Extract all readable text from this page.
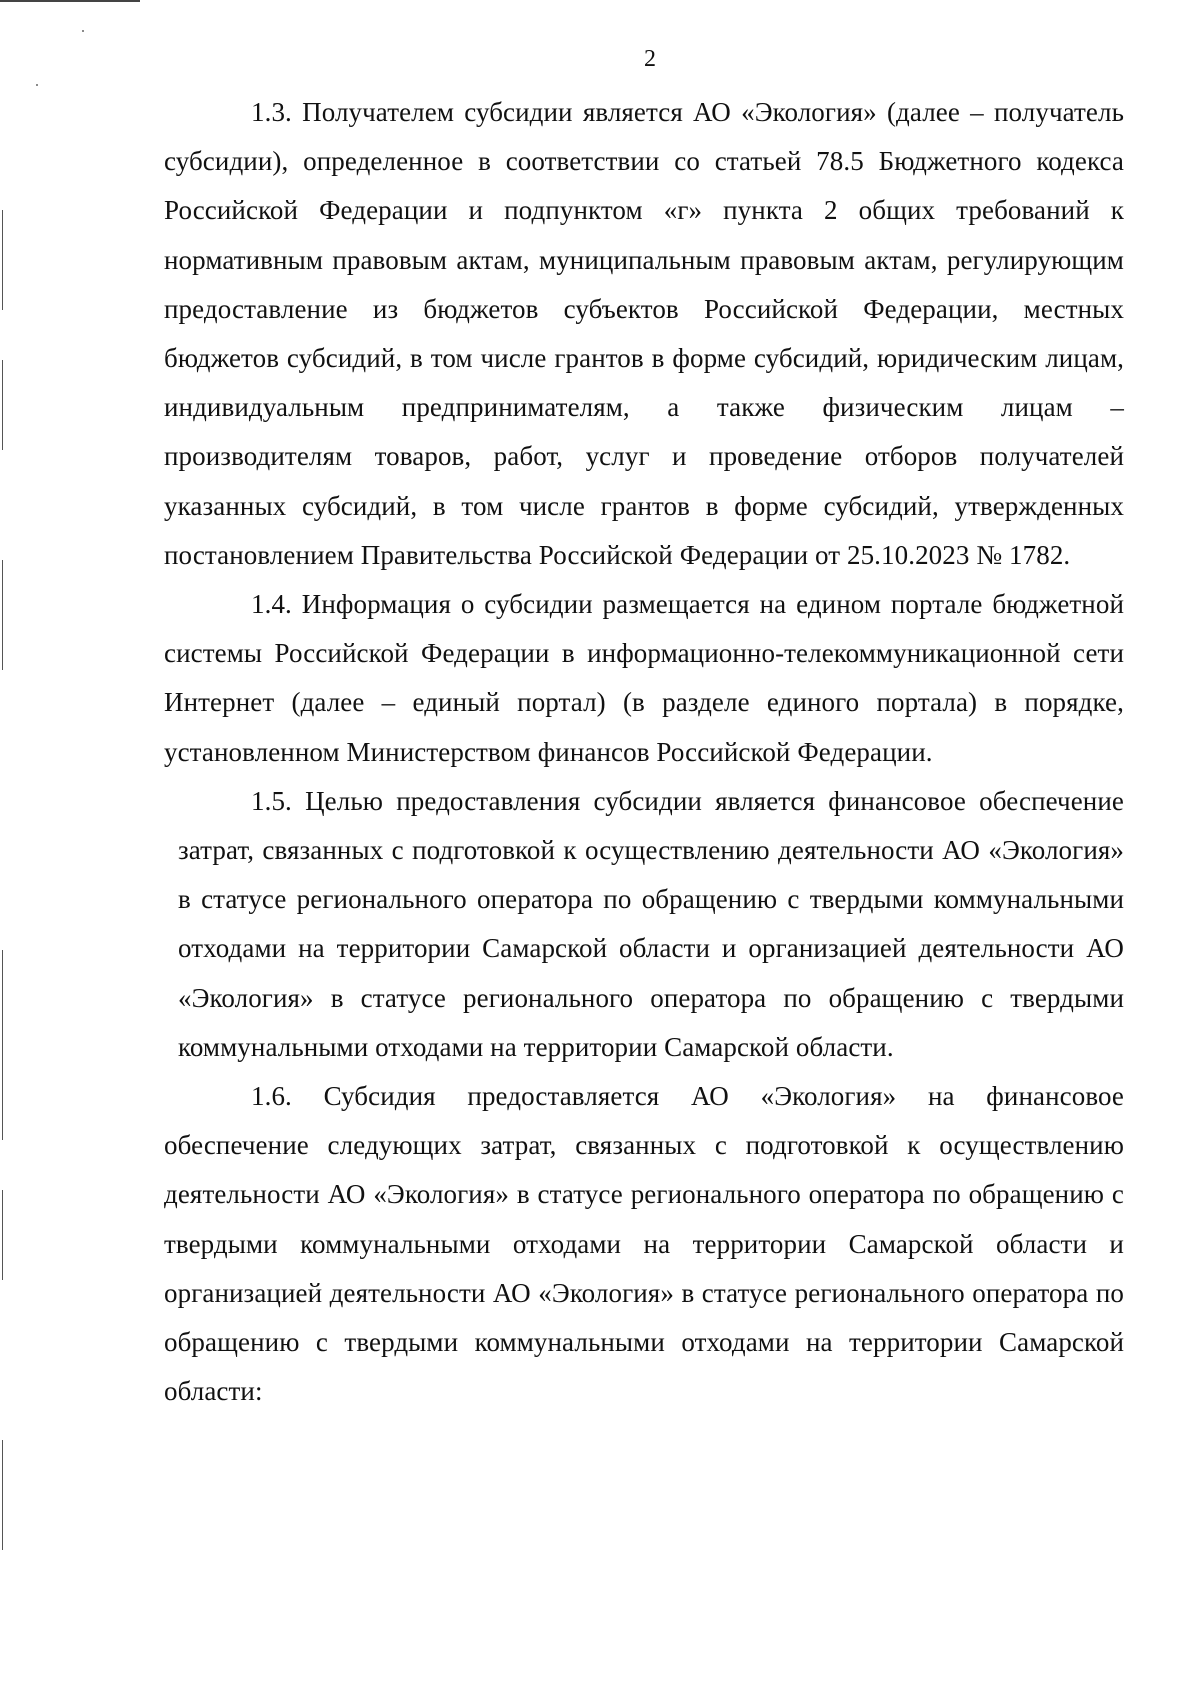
2

1.3. Получателем субсидии является АО «Экология» (далее – получатель субсидии), определенное в соответствии со статьей 78.5 Бюджетного кодекса Российской Федерации и подпунктом «г» пункта 2 общих требований к нормативным правовым актам, муниципальным правовым актам, регулирующим предоставление из бюджетов субъектов Российской Федерации, местных бюджетов субсидий, в том числе грантов в форме субсидий, юридическим лицам, индивидуальным предпринимателям, а также физическим лицам – производителям товаров, работ, услуг и проведение отборов получателей указанных субсидий, в том числе грантов в форме субсидий, утвержденных постановлением Правительства Российской Федерации от 25.10.2023 № 1782.

1.4. Информация о субсидии размещается на едином портале бюджетной системы Российской Федерации в информационно-телекоммуникационной сети Интернет (далее – единый портал) (в разделе единого портала) в порядке, установленном Министерством финансов Российской Федерации.

1.5. Целью предоставления субсидии является финансовое обеспечение затрат, связанных с подготовкой к осуществлению деятельности АО «Экология» в статусе регионального оператора по обращению с твердыми коммунальными отходами на территории Самарской области и организацией деятельности АО «Экология» в статусе регионального оператора по обращению с твердыми коммунальными отходами на территории Самарской области.

1.6. Субсидия предоставляется АО «Экология» на финансовое обеспечение следующих затрат, связанных с подготовкой к осуществлению деятельности АО «Экология» в статусе регионального оператора по обращению с твердыми коммунальными отходами на территории Самарской области и организацией деятельности АО «Экология» в статусе регионального оператора по обращению с твердыми коммунальными отходами на территории Самарской области:
